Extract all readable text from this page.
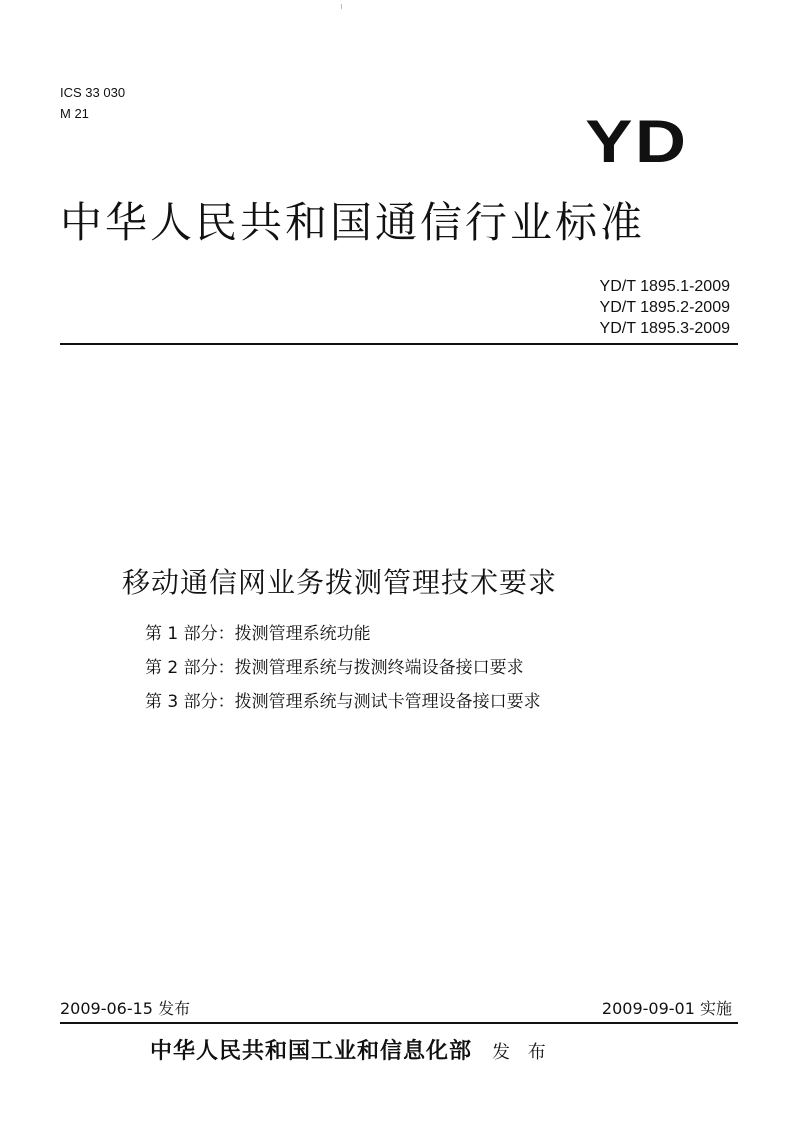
ICS 33 030
M 21	YD
中华人民共和国通信行业标准
YD/T 1895.1-2009
YD/T 1895.2-2009
YD/T 1895.3-2009
移动通信网业务拨测管理技术要求
第 1 部分：拨测管理系统功能
第 2 部分：拨测管理系统与拨测终端设备接口要求
第 3 部分：拨测管理系统与测试卡管理设备接口要求
2009-06-15 发布	2009-09-01 实施
中华人民共和国工业和信息化部 发 布
